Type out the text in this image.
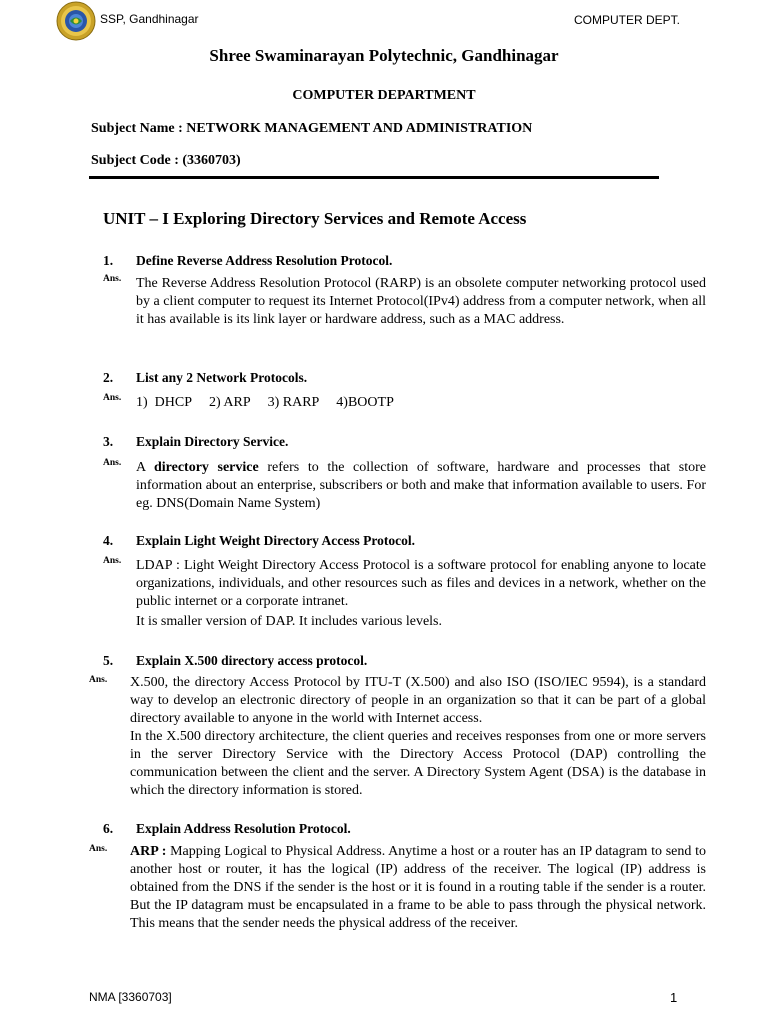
SSP, Gandhinagar	COMPUTER DEPT.
Shree Swaminarayan Polytechnic, Gandhinagar
COMPUTER DEPARTMENT
Subject Name : NETWORK MANAGEMENT AND ADMINISTRATION
Subject Code : (3360703)
UNIT – I Exploring Directory Services and Remote Access
1. Define Reverse Address Resolution Protocol.
Ans. The Reverse Address Resolution Protocol (RARP) is an obsolete computer networking protocol used by a client computer to request its Internet Protocol(IPv4) address from a computer network, when all it has available is its link layer or hardware address, such as a MAC address.
2. List any 2 Network Protocols.
Ans. 1)  DHCP     2) ARP     3) RARP     4)BOOTP
3. Explain Directory Service.
Ans. A directory service refers to the collection of software, hardware and processes that store information about an enterprise, subscribers or both and make that information available to users. For eg. DNS(Domain Name System)
4. Explain Light Weight Directory Access Protocol.
Ans. LDAP : Light Weight Directory Access Protocol is a software protocol for enabling anyone to locate organizations, individuals, and other resources such as files and devices in a network, whether on the public internet or a corporate intranet.
It is smaller version of DAP. It includes various levels.
5. Explain X.500 directory access protocol.
Ans. X.500, the directory Access Protocol by ITU-T (X.500) and also ISO (ISO/IEC 9594), is a standard way to develop an electronic directory of people in an organization so that it can be part of a global directory available to anyone in the world with Internet access.
In the X.500 directory architecture, the client queries and receives responses from one or more servers in the server Directory Service with the Directory Access Protocol (DAP) controlling the communication between the client and the server. A Directory System Agent (DSA) is the database in which the directory information is stored.
6. Explain Address Resolution Protocol.
Ans. ARP : Mapping Logical to Physical Address. Anytime a host or a router has an IP datagram to send to another host or router, it has the logical (IP) address of the receiver. The logical (IP) address is obtained from the DNS if the sender is the host or it is found in a routing table if the sender is a router. But the IP datagram must be encapsulated in a frame to be able to pass through the physical network. This means that the sender needs the physical address of the receiver.
NMA [3360703]	1
